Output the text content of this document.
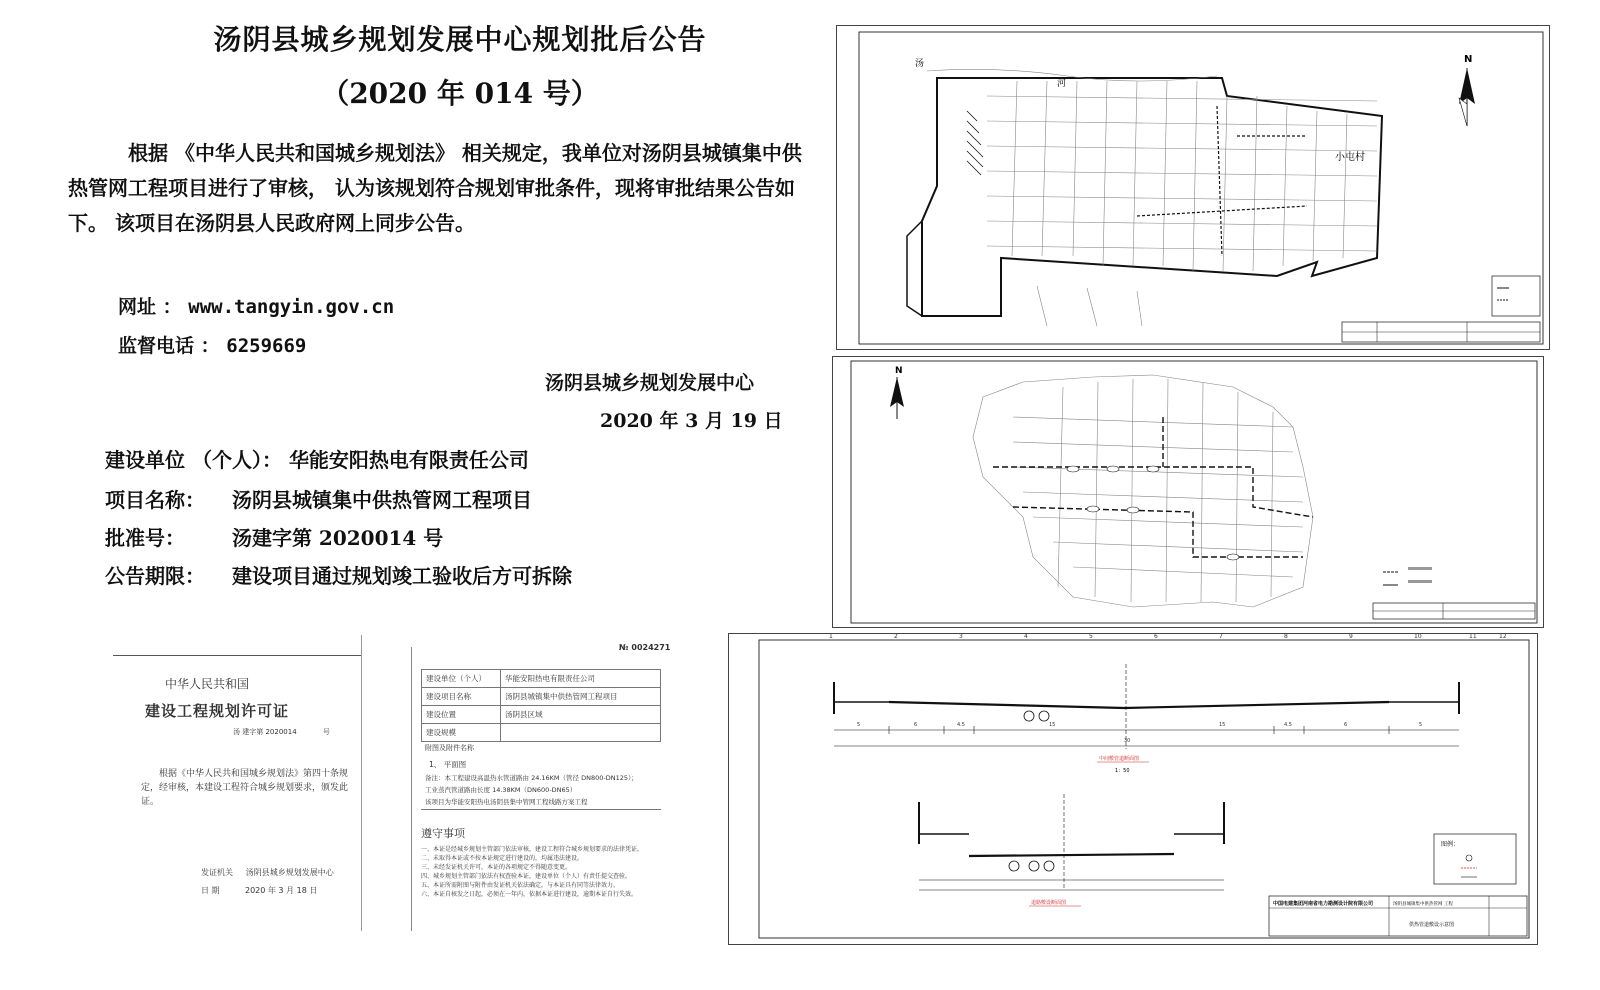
汤阴县城乡规划发展中心规划批后公告
（2020 年 014 号）
根据 《中华人民共和国城乡规划法》 相关规定，我单位对汤阴县城镇集中供热管网工程项目进行了审核， 认为该规划符合规划审批条件，现将审批结果公告如下。 该项目在汤阴县人民政府网上同步公告。
网址 ： www.tangyin.gov.cn
监督电话 ： 6259669
汤阴县城乡规划发展中心
2020 年 3 月 19 日
建设单位 （个人）： 华能安阳热电有限责任公司
项目名称： 汤阴县城镇集中供热管网工程项目
批准号： 汤建字第 2020014 号
公告期限： 建设项目通过规划竣工验收后方可拆除
N
汤
河
小屯村
N
中华人民共和国
建设工程规划许可证
汤 建字第 2020014	号
根据《中华人民共和国城乡规划法》第四十条规定，经审核，本建设工程符合城乡规划要求，颁发此证。
发证机关 汤阴县城乡规划发展中心
日 期	2020 年 3 月 18 日
№ 0024271
建设单位（个人）	华能安阳热电有限责任公司
建设项目名称	汤阴县城镇集中供热管网工程项目
建设位置	汤阴县区域
建设规模	
附图及附件名称
1、 平面图
备注：本工程建设高温热水管道路由 24.16KM（管径 DN800-DN125）；
工业蒸汽管道路由长度 14.38KM（DN600-DN65）
该项目为华能安阳热电汤阴县集中管网工程线路方案工程
遵守事项
一、本证是经城乡规划主管部门依法审核，建设工程符合城乡规划要求的法律凭证。
二、未取得本证或不按本证规定进行建设的，均属违法建设。
三、未经发证机关许可，本证的各项规定不得随意变更。
四、城乡规划主管部门依法有权查验本证，建设单位（个人）有责任提交查验。
五、本证所需附图与附件由发证机关依法确定，与本证具有同等法律效力。
六、本证自核发之日起，必须在一年内，依据本证进行建设，逾期本证自行失效。
1	2	3	4	5	6	7	8	9	10	11	12
5	6	4.5	15	15	4.5	6	5
30
中间敷管道断面图
1：50
道路敷设断面图
图例：
中国电建集团河南省电力勘测设计院有限公司	汤阴县城镇集中供热管网 工程
供热管道敷设示意图
